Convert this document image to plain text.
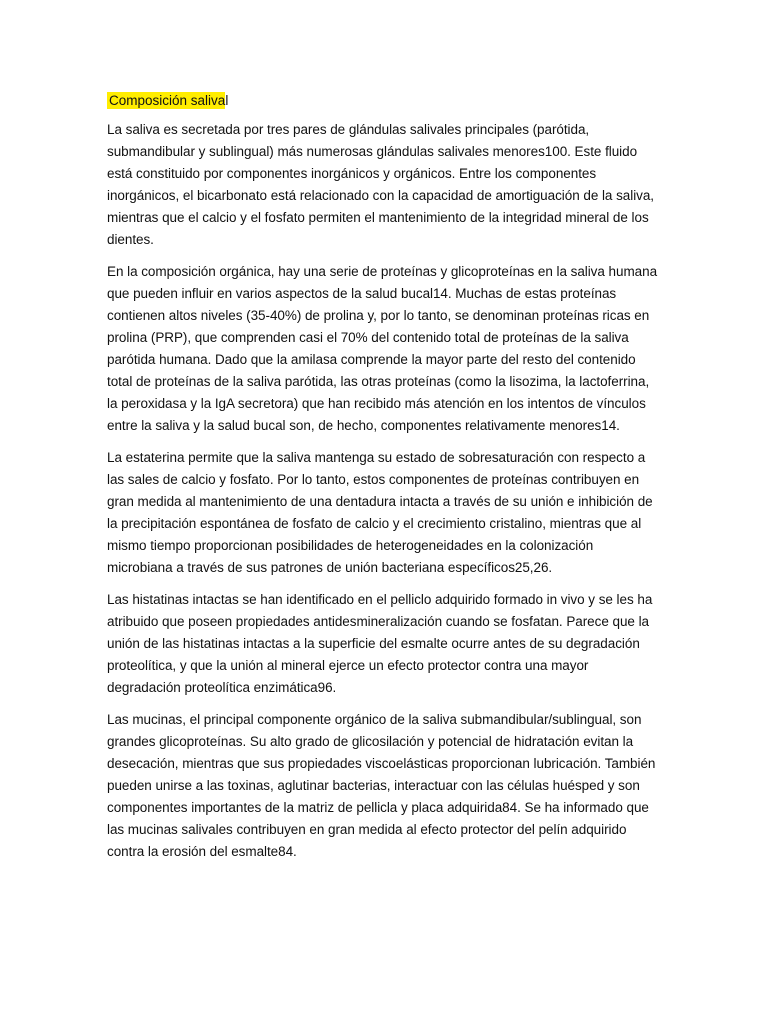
Composición salival

La saliva es secretada por tres pares de glándulas salivales principales (parótida, submandibular y sublingual) más numerosas glándulas salivales menores100. Este fluido está constituido por componentes inorgánicos y orgánicos. Entre los componentes inorgánicos, el bicarbonato está relacionado con la capacidad de amortiguación de la saliva, mientras que el calcio y el fosfato permiten el mantenimiento de la integridad mineral de los dientes.

En la composición orgánica, hay una serie de proteínas y glicoproteínas en la saliva humana que pueden influir en varios aspectos de la salud bucal14. Muchas de estas proteínas contienen altos niveles (35-40%) de prolina y, por lo tanto, se denominan proteínas ricas en prolina (PRP), que comprenden casi el 70% del contenido total de proteínas de la saliva parótida humana. Dado que la amilasa comprende la mayor parte del resto del contenido total de proteínas de la saliva parótida, las otras proteínas (como la lisozima, la lactoferrina, la peroxidasa y la IgA secretora) que han recibido más atención en los intentos de vínculos entre la saliva y la salud bucal son, de hecho, componentes relativamente menores14.

La estaterina permite que la saliva mantenga su estado de sobresaturación con respecto a las sales de calcio y fosfato. Por lo tanto, estos componentes de proteínas contribuyen en gran medida al mantenimiento de una dentadura intacta a través de su unión e inhibición de la precipitación espontánea de fosfato de calcio y el crecimiento cristalino, mientras que al mismo tiempo proporcionan posibilidades de heterogeneidades en la colonización microbiana a través de sus patrones de unión bacteriana específicos25,26.

Las histatinas intactas se han identificado en el pelliclo adquirido formado in vivo y se les ha atribuido que poseen propiedades antidesmineralización cuando se fosfatan. Parece que la unión de las histatinas intactas a la superficie del esmalte ocurre antes de su degradación proteolítica, y que la unión al mineral ejerce un efecto protector contra una mayor degradación proteolítica enzimática96.

Las mucinas, el principal componente orgánico de la saliva submandibular/sublingual, son grandes glicoproteínas. Su alto grado de glicosilación y potencial de hidratación evitan la desecación, mientras que sus propiedades viscoelásticas proporcionan lubricación. También pueden unirse a las toxinas, aglutinar bacterias, interactuar con las células huésped y son componentes importantes de la matriz de pellicla y placa adquirida84. Se ha informado que las mucinas salivales contribuyen en gran medida al efecto protector del pelín adquirido contra la erosión del esmalte84.
